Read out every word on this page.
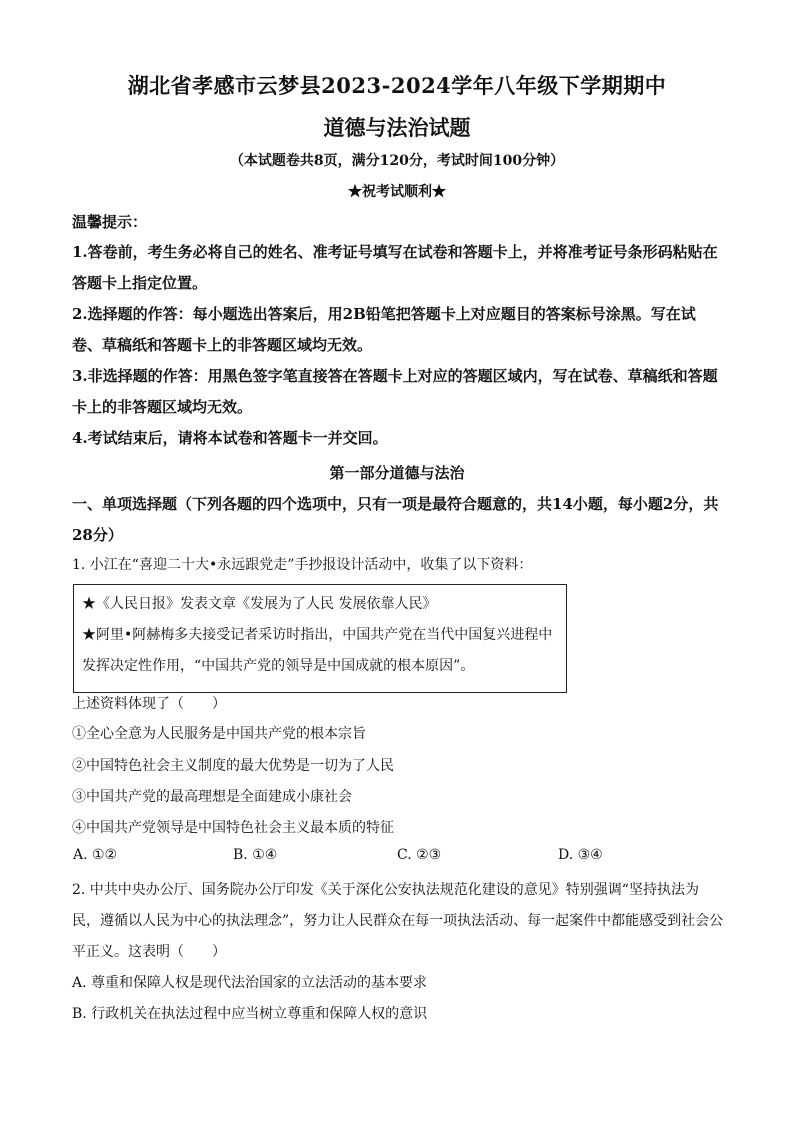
湖北省孝感市云梦县2023-2024学年八年级下学期期中
道德与法治试题
（本试题卷共8页，满分120分，考试时间100分钟）
★祝考试顺利★
温馨提示：
1.答卷前，考生务必将自己的姓名、准考证号填写在试卷和答题卡上，并将准考证号条形码粘贴在答题卡上指定位置。
2.选择题的作答：每小题选出答案后，用2B铅笔把答题卡上对应题目的答案标号涂黑。写在试卷、草稿纸和答题卡上的非答题区域均无效。
3.非选择题的作答：用黑色签字笔直接答在答题卡上对应的答题区域内，写在试卷、草稿纸和答题卡上的非答题区域均无效。
4.考试结束后，请将本试卷和答题卡一并交回。
第一部分道德与法治
一、单项选择题（下列各题的四个选项中，只有一项是最符合题意的，共14小题，每小题2分，共28分）
1. 小江在“喜迎二十大•永远跟党走”手抄报设计活动中，收集了以下资料：
★《人民日报》发表文章《发展为了人民 发展依靠人民》
★阿里•阿赫梅多夫接受记者采访时指出，中国共产党在当代中国复兴进程中发挥决定性作用，“中国共产党的领导是中国成就的根本原因”。
上述资料体现了（　　）
①全心全意为人民服务是中国共产党的根本宗旨
②中国特色社会主义制度的最大优势是一切为了人民
③中国共产党的最高理想是全面建成小康社会
④中国共产党领导是中国特色社会主义最本质的特征
A. ①②	B. ①④	C. ②③	D. ③④
2. 中共中央办公厅、国务院办公厅印发《关于深化公安执法规范化建设的意见》特别强调“坚持执法为民，遵循以人民为中心的执法理念”，努力让人民群众在每一项执法活动、每一起案件中都能感受到社会公平正义。这表明（　　）
A. 尊重和保障人权是现代法治国家的立法活动的基本要求
B. 行政机关在执法过程中应当树立尊重和保障人权的意识
